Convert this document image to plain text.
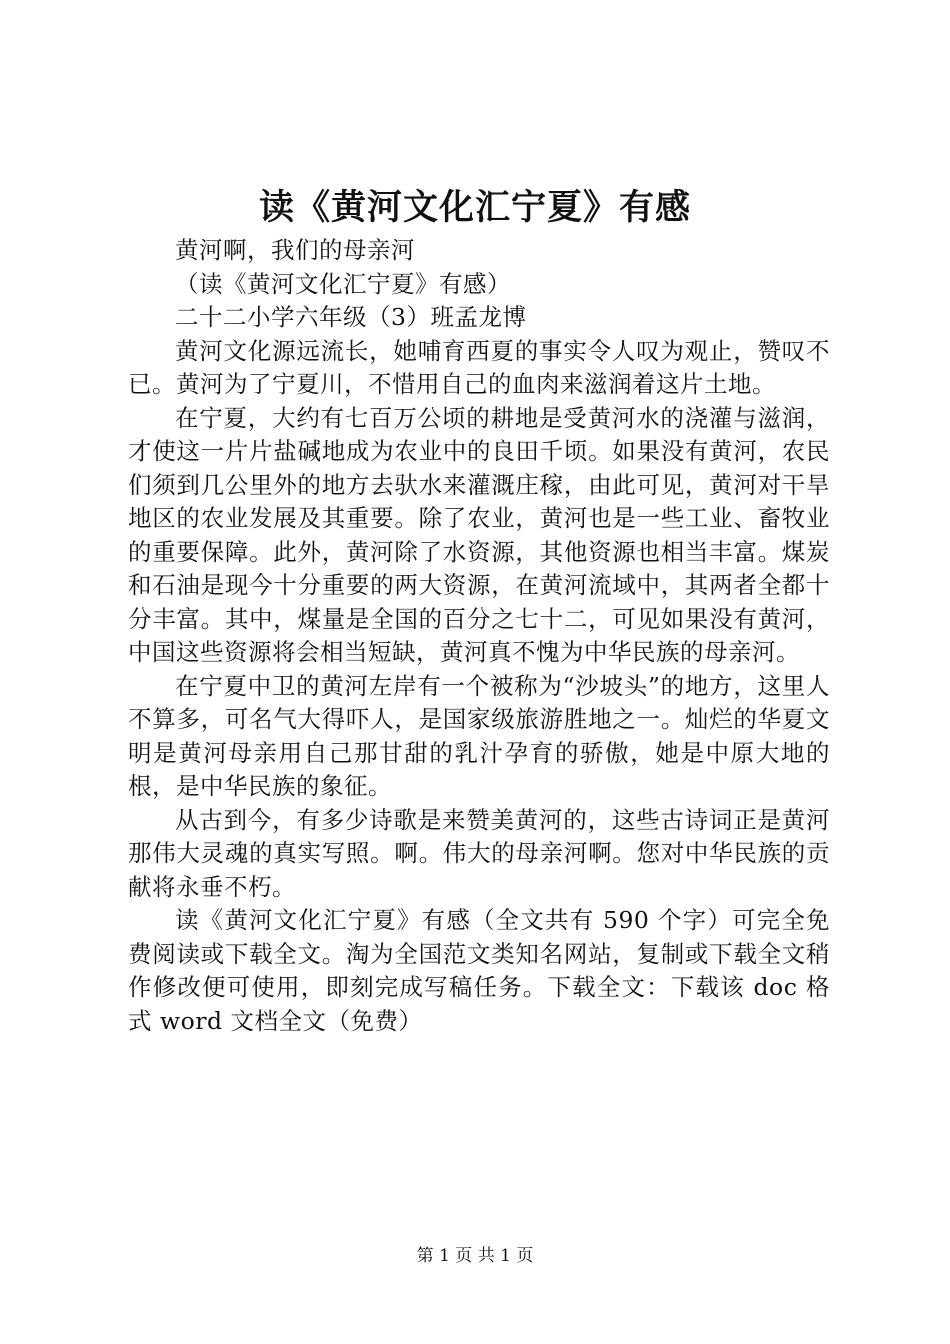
读《黄河文化汇宁夏》有感

黄河啊，我们的母亲河

（读《黄河文化汇宁夏》有感）

二十二小学六年级（3）班孟龙博

黄河文化源远流长，她哺育西夏的事实令人叹为观止，赞叹不已。黄河为了宁夏川，不惜用自己的血肉来滋润着这片土地。

在宁夏，大约有七百万公顷的耕地是受黄河水的浇灌与滋润，才使这一片片盐碱地成为农业中的良田千顷。如果没有黄河，农民们须到几公里外的地方去驮水来灌溉庄稼，由此可见，黄河对干旱地区的农业发展及其重要。除了农业，黄河也是一些工业、畜牧业的重要保障。此外，黄河除了水资源，其他资源也相当丰富。煤炭和石油是现今十分重要的两大资源，在黄河流域中，其两者全都十分丰富。其中，煤量是全国的百分之七十二，可见如果没有黄河，中国这些资源将会相当短缺，黄河真不愧为中华民族的母亲河。

在宁夏中卫的黄河左岸有一个被称为“沙坡头”的地方，这里人不算多，可名气大得吓人，是国家级旅游胜地之一。灿烂的华夏文明是黄河母亲用自己那甘甜的乳汁孕育的骄傲，她是中原大地的根，是中华民族的象征。

从古到今，有多少诗歌是来赞美黄河的，这些古诗词正是黄河那伟大灵魂的真实写照。啊。伟大的母亲河啊。您对中华民族的贡献将永垂不朽。

读《黄河文化汇宁夏》有感（全文共有 590 个字）可完全免费阅读或下载全文。淘为全国范文类知名网站，复制或下载全文稍作修改便可使用，即刻完成写稿任务。下载全文：下载该 doc 格式 word 文档全文（免费）

第 1 页 共 1 页
